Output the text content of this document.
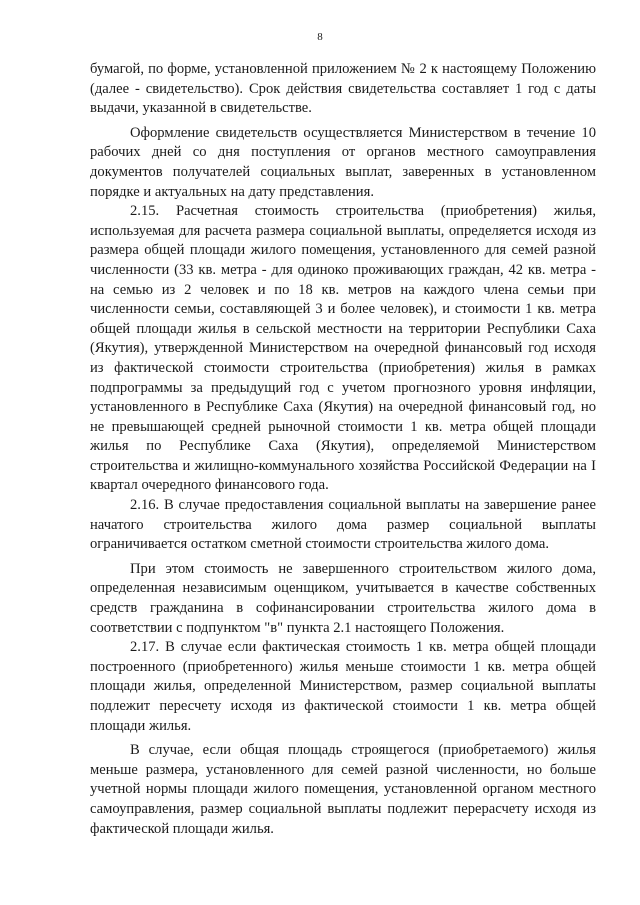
8

бумагой, по форме, установленной приложением № 2 к настоящему Положению (далее - свидетельство). Срок действия свидетельства составляет 1 год с даты выдачи, указанной в свидетельстве.

Оформление свидетельств осуществляется Министерством в течение 10 рабочих дней со дня поступления от органов местного самоуправления документов получателей социальных выплат, заверенных в установленном порядке и актуальных на дату представления.

2.15. Расчетная стоимость строительства (приобретения) жилья, используемая для расчета размера социальной выплаты, определяется исходя из размера общей площади жилого помещения, установленного для семей разной численности (33 кв. метра - для одиноко проживающих граждан, 42 кв. метра - на семью из 2 человек и по 18 кв. метров на каждого члена семьи при численности семьи, составляющей 3 и более человек), и стоимости 1 кв. метра общей площади жилья в сельской местности на территории Республики Саха (Якутия), утвержденной Министерством на очередной финансовый год исходя из фактической стоимости строительства (приобретения) жилья в рамках подпрограммы за предыдущий год с учетом прогнозного уровня инфляции, установленного в Республике Саха (Якутия) на очередной финансовый год, но не превышающей средней рыночной стоимости 1 кв. метра общей площади жилья по Республике Саха (Якутия), определяемой Министерством строительства и жилищно-коммунального хозяйства Российской Федерации на I квартал очередного финансового года.

2.16. В случае предоставления социальной выплаты на завершение ранее начатого строительства жилого дома размер социальной выплаты ограничивается остатком сметной стоимости строительства жилого дома.

При этом стоимость не завершенного строительством жилого дома, определенная независимым оценщиком, учитывается в качестве собственных средств гражданина в софинансировании строительства жилого дома в соответствии с подпунктом "в" пункта 2.1 настоящего Положения.

2.17. В случае если фактическая стоимость 1 кв. метра общей площади построенного (приобретенного) жилья меньше стоимости 1 кв. метра общей площади жилья, определенной Министерством, размер социальной выплаты подлежит пересчету исходя из фактической стоимости 1 кв. метра общей площади жилья.

В случае, если общая площадь строящегося (приобретаемого) жилья меньше размера, установленного для семей разной численности, но больше учетной нормы площади жилого помещения, установленной органом местного самоуправления, размер социальной выплаты подлежит перерасчету исходя из фактической площади жилья.
